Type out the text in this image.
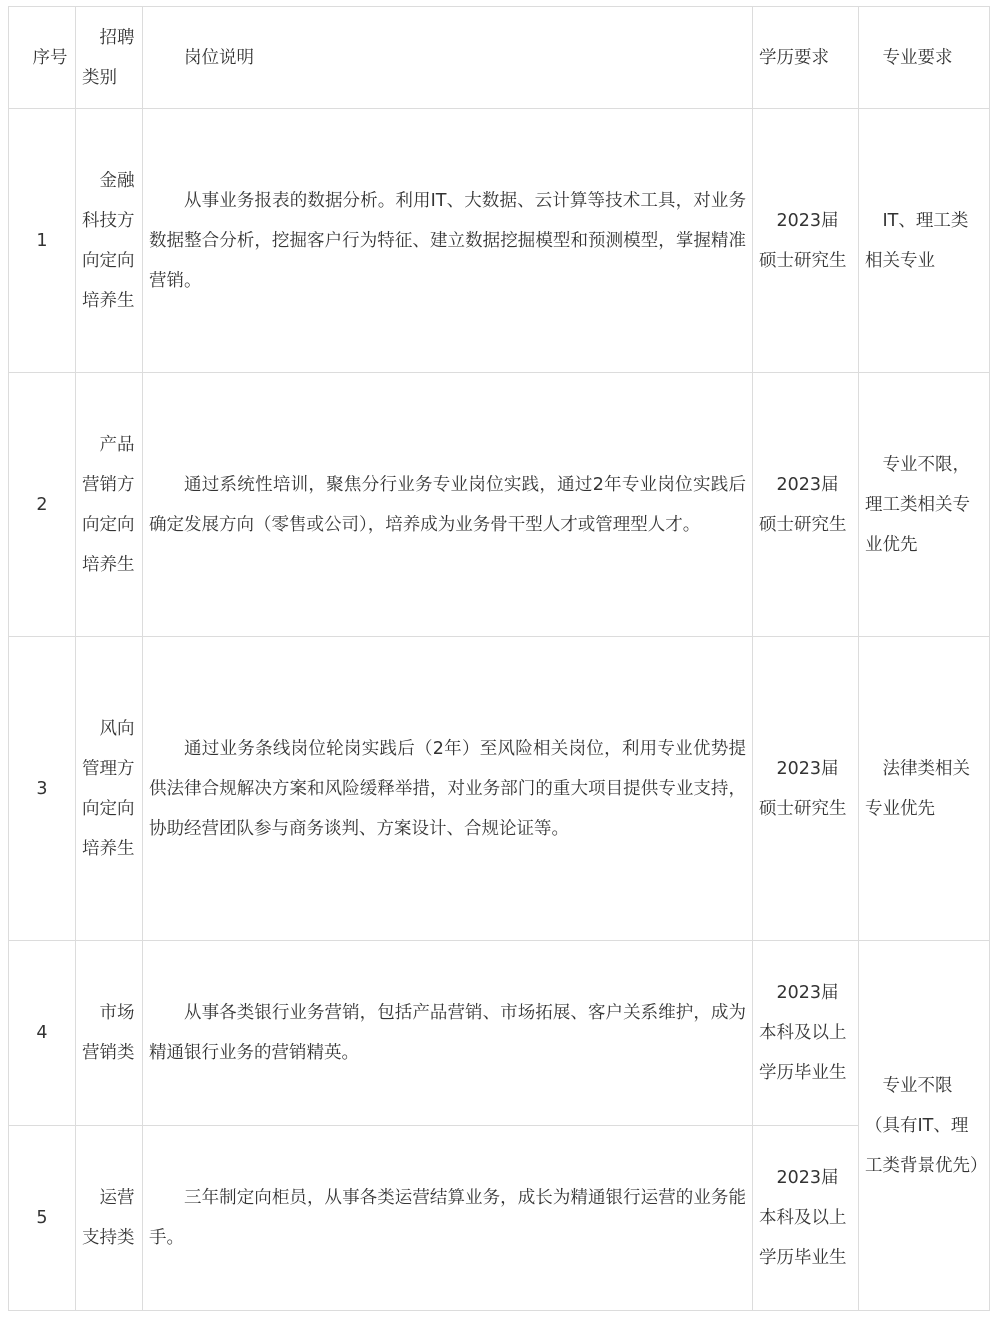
序号	招聘类别	岗位说明	学历要求	专业要求
1	金融科技方向定向培养生	从事业务报表的数据分析。利用IT、大数据、云计算等技术工具，对业务数据整合分析，挖掘客户行为特征、建立数据挖掘模型和预测模型，掌握精准营销。	2023届硕士研究生	IT、理工类相关专业
2	产品营销方向定向培养生	通过系统性培训，聚焦分行业务专业岗位实践，通过2年专业岗位实践后确定发展方向（零售或公司），培养成为业务骨干型人才或管理型人才。	2023届硕士研究生	专业不限，理工类相关专业优先
3	风向管理方向定向培养生	通过业务条线岗位轮岗实践后（2年）至风险相关岗位，利用专业优势提供法律合规解决方案和风险缓释举措，对业务部门的重大项目提供专业支持，协助经营团队参与商务谈判、方案设计、合规论证等。	2023届硕士研究生	法律类相关专业优先
4	市场营销类	从事各类银行业务营销，包括产品营销、市场拓展、客户关系维护，成为精通银行业务的营销精英。	2023届本科及以上学历毕业生	专业不限（具有IT、理工类背景优先）
5	运营支持类	三年制定向柜员，从事各类运营结算业务，成长为精通银行运营的业务能手。	2023届本科及以上学历毕业生	
